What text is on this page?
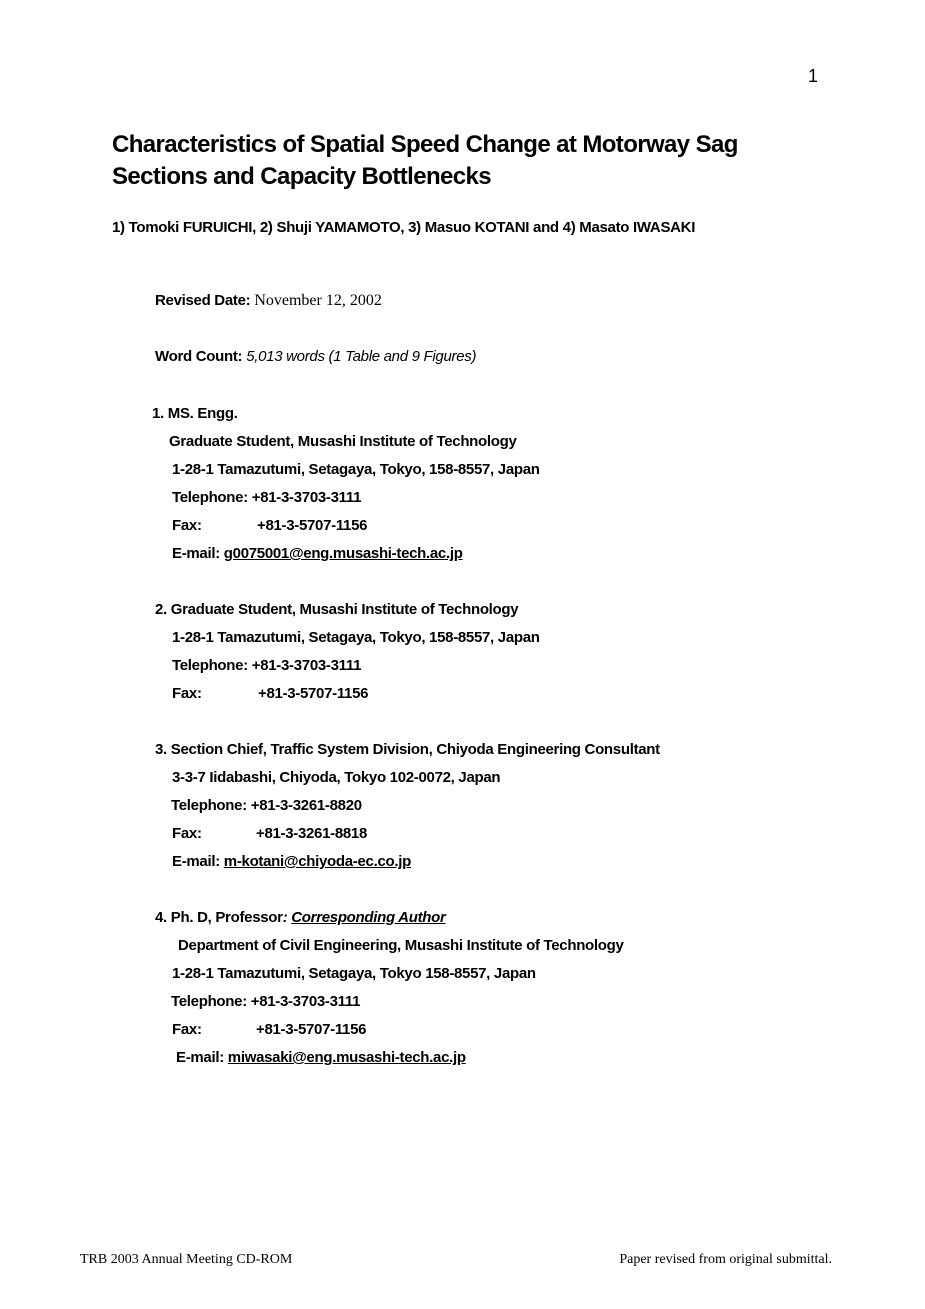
1
Characteristics of Spatial Speed Change at Motorway Sag
Sections and Capacity Bottlenecks
1) Tomoki FURUICHI, 2) Shuji YAMAMOTO, 3) Masuo KOTANI and 4) Masato IWASAKI
Revised Date: November 12, 2002
Word Count: 5,013 words (1 Table and 9 Figures)
1. MS. Engg.
Graduate Student, Musashi Institute of Technology
1-28-1 Tamazutumi, Setagaya, Tokyo, 158-8557, Japan
Telephone: +81-3-3703-3111
Fax:	+81-3-5707-1156
E-mail: g0075001@eng.musashi-tech.ac.jp
2. Graduate Student, Musashi Institute of Technology
1-28-1 Tamazutumi, Setagaya, Tokyo, 158-8557, Japan
Telephone: +81-3-3703-3111
Fax:	+81-3-5707-1156
3. Section Chief, Traffic System Division, Chiyoda Engineering Consultant
3-3-7 Iidabashi, Chiyoda, Tokyo 102-0072, Japan
Telephone: +81-3-3261-8820
Fax:	+81-3-3261-8818
E-mail: m-kotani@chiyoda-ec.co.jp
4. Ph. D, Professor: Corresponding Author
Department of Civil Engineering, Musashi Institute of Technology
1-28-1 Tamazutumi, Setagaya, Tokyo 158-8557, Japan
Telephone: +81-3-3703-3111
Fax:	+81-3-5707-1156
E-mail: miwasaki@eng.musashi-tech.ac.jp
TRB 2003 Annual Meeting CD-ROM	Paper revised from original submittal.
